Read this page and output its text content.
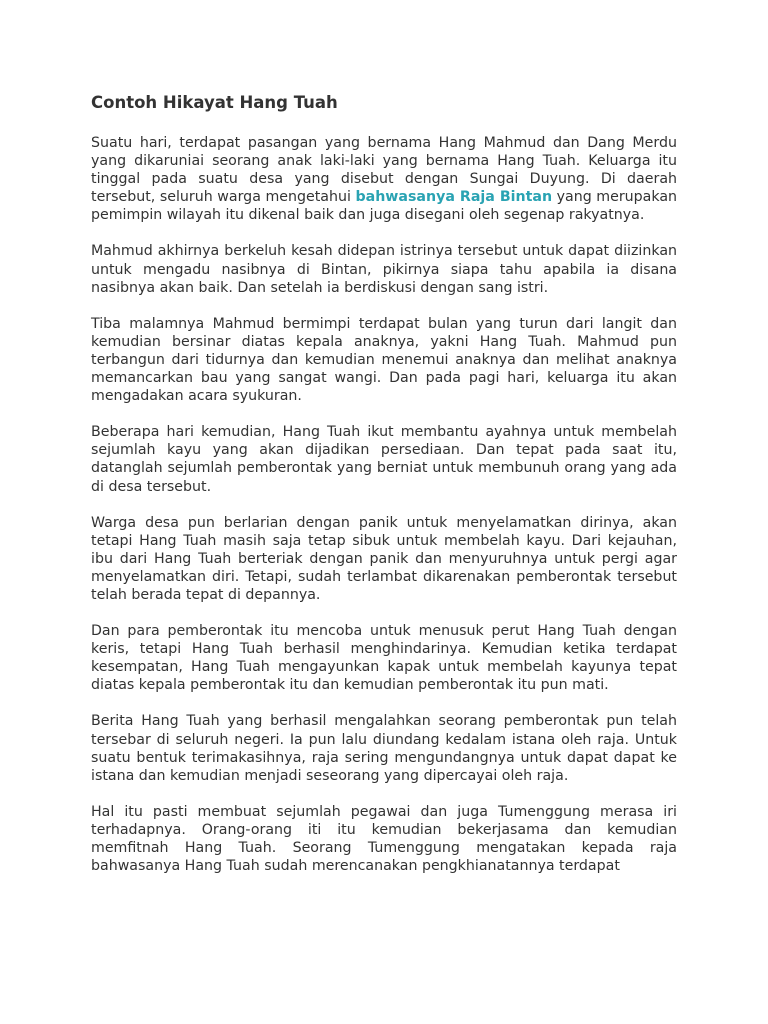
Contoh Hikayat Hang Tuah

Suatu hari, terdapat pasangan yang bernama Hang Mahmud dan Dang Merdu yang dikaruniai seorang anak laki-laki yang bernama Hang Tuah. Keluarga itu tinggal pada suatu desa yang disebut dengan Sungai Duyung. Di daerah tersebut, seluruh warga mengetahui bahwasanya Raja Bintan yang merupakan pemimpin wilayah itu dikenal baik dan juga disegani oleh segenap rakyatnya.

Mahmud akhirnya berkeluh kesah didepan istrinya tersebut untuk dapat diizinkan untuk mengadu nasibnya di Bintan, pikirnya siapa tahu apabila ia disana nasibnya akan baik. Dan setelah ia berdiskusi dengan sang istri.

Tiba malamnya Mahmud bermimpi terdapat bulan yang turun dari langit dan kemudian bersinar diatas kepala anaknya, yakni Hang Tuah. Mahmud pun terbangun dari tidurnya dan kemudian menemui anaknya dan melihat anaknya memancarkan bau yang sangat wangi. Dan pada pagi hari, keluarga itu akan mengadakan acara syukuran.

Beberapa hari kemudian, Hang Tuah ikut membantu ayahnya untuk membelah sejumlah kayu yang akan dijadikan persediaan. Dan tepat pada saat itu, datanglah sejumlah pemberontak yang berniat untuk membunuh orang yang ada di desa tersebut.

Warga desa pun berlarian dengan panik untuk menyelamatkan dirinya, akan tetapi Hang Tuah masih saja tetap sibuk untuk membelah kayu. Dari kejauhan, ibu dari Hang Tuah berteriak dengan panik dan menyuruhnya untuk pergi agar menyelamatkan diri. Tetapi, sudah terlambat dikarenakan pemberontak tersebut telah berada tepat di depannya.

Dan para pemberontak itu mencoba untuk menusuk perut Hang Tuah dengan keris, tetapi Hang Tuah berhasil menghindarinya. Kemudian ketika terdapat kesempatan, Hang Tuah mengayunkan kapak untuk membelah kayunya tepat diatas kepala pemberontak itu dan kemudian pemberontak itu pun mati.

Berita Hang Tuah yang berhasil mengalahkan seorang pemberontak pun telah tersebar di seluruh negeri. Ia pun lalu diundang kedalam istana oleh raja. Untuk suatu bentuk terimakasihnya, raja sering mengundangnya untuk dapat dapat ke istana dan kemudian menjadi seseorang yang dipercayai oleh raja.

Hal itu pasti membuat sejumlah pegawai dan juga Tumenggung merasa iri terhadapnya. Orang-orang iti itu kemudian bekerjasama dan kemudian memfitnah Hang Tuah. Seorang Tumenggung mengatakan kepada raja bahwasanya Hang Tuah sudah merencanakan pengkhianatannya terdapat
